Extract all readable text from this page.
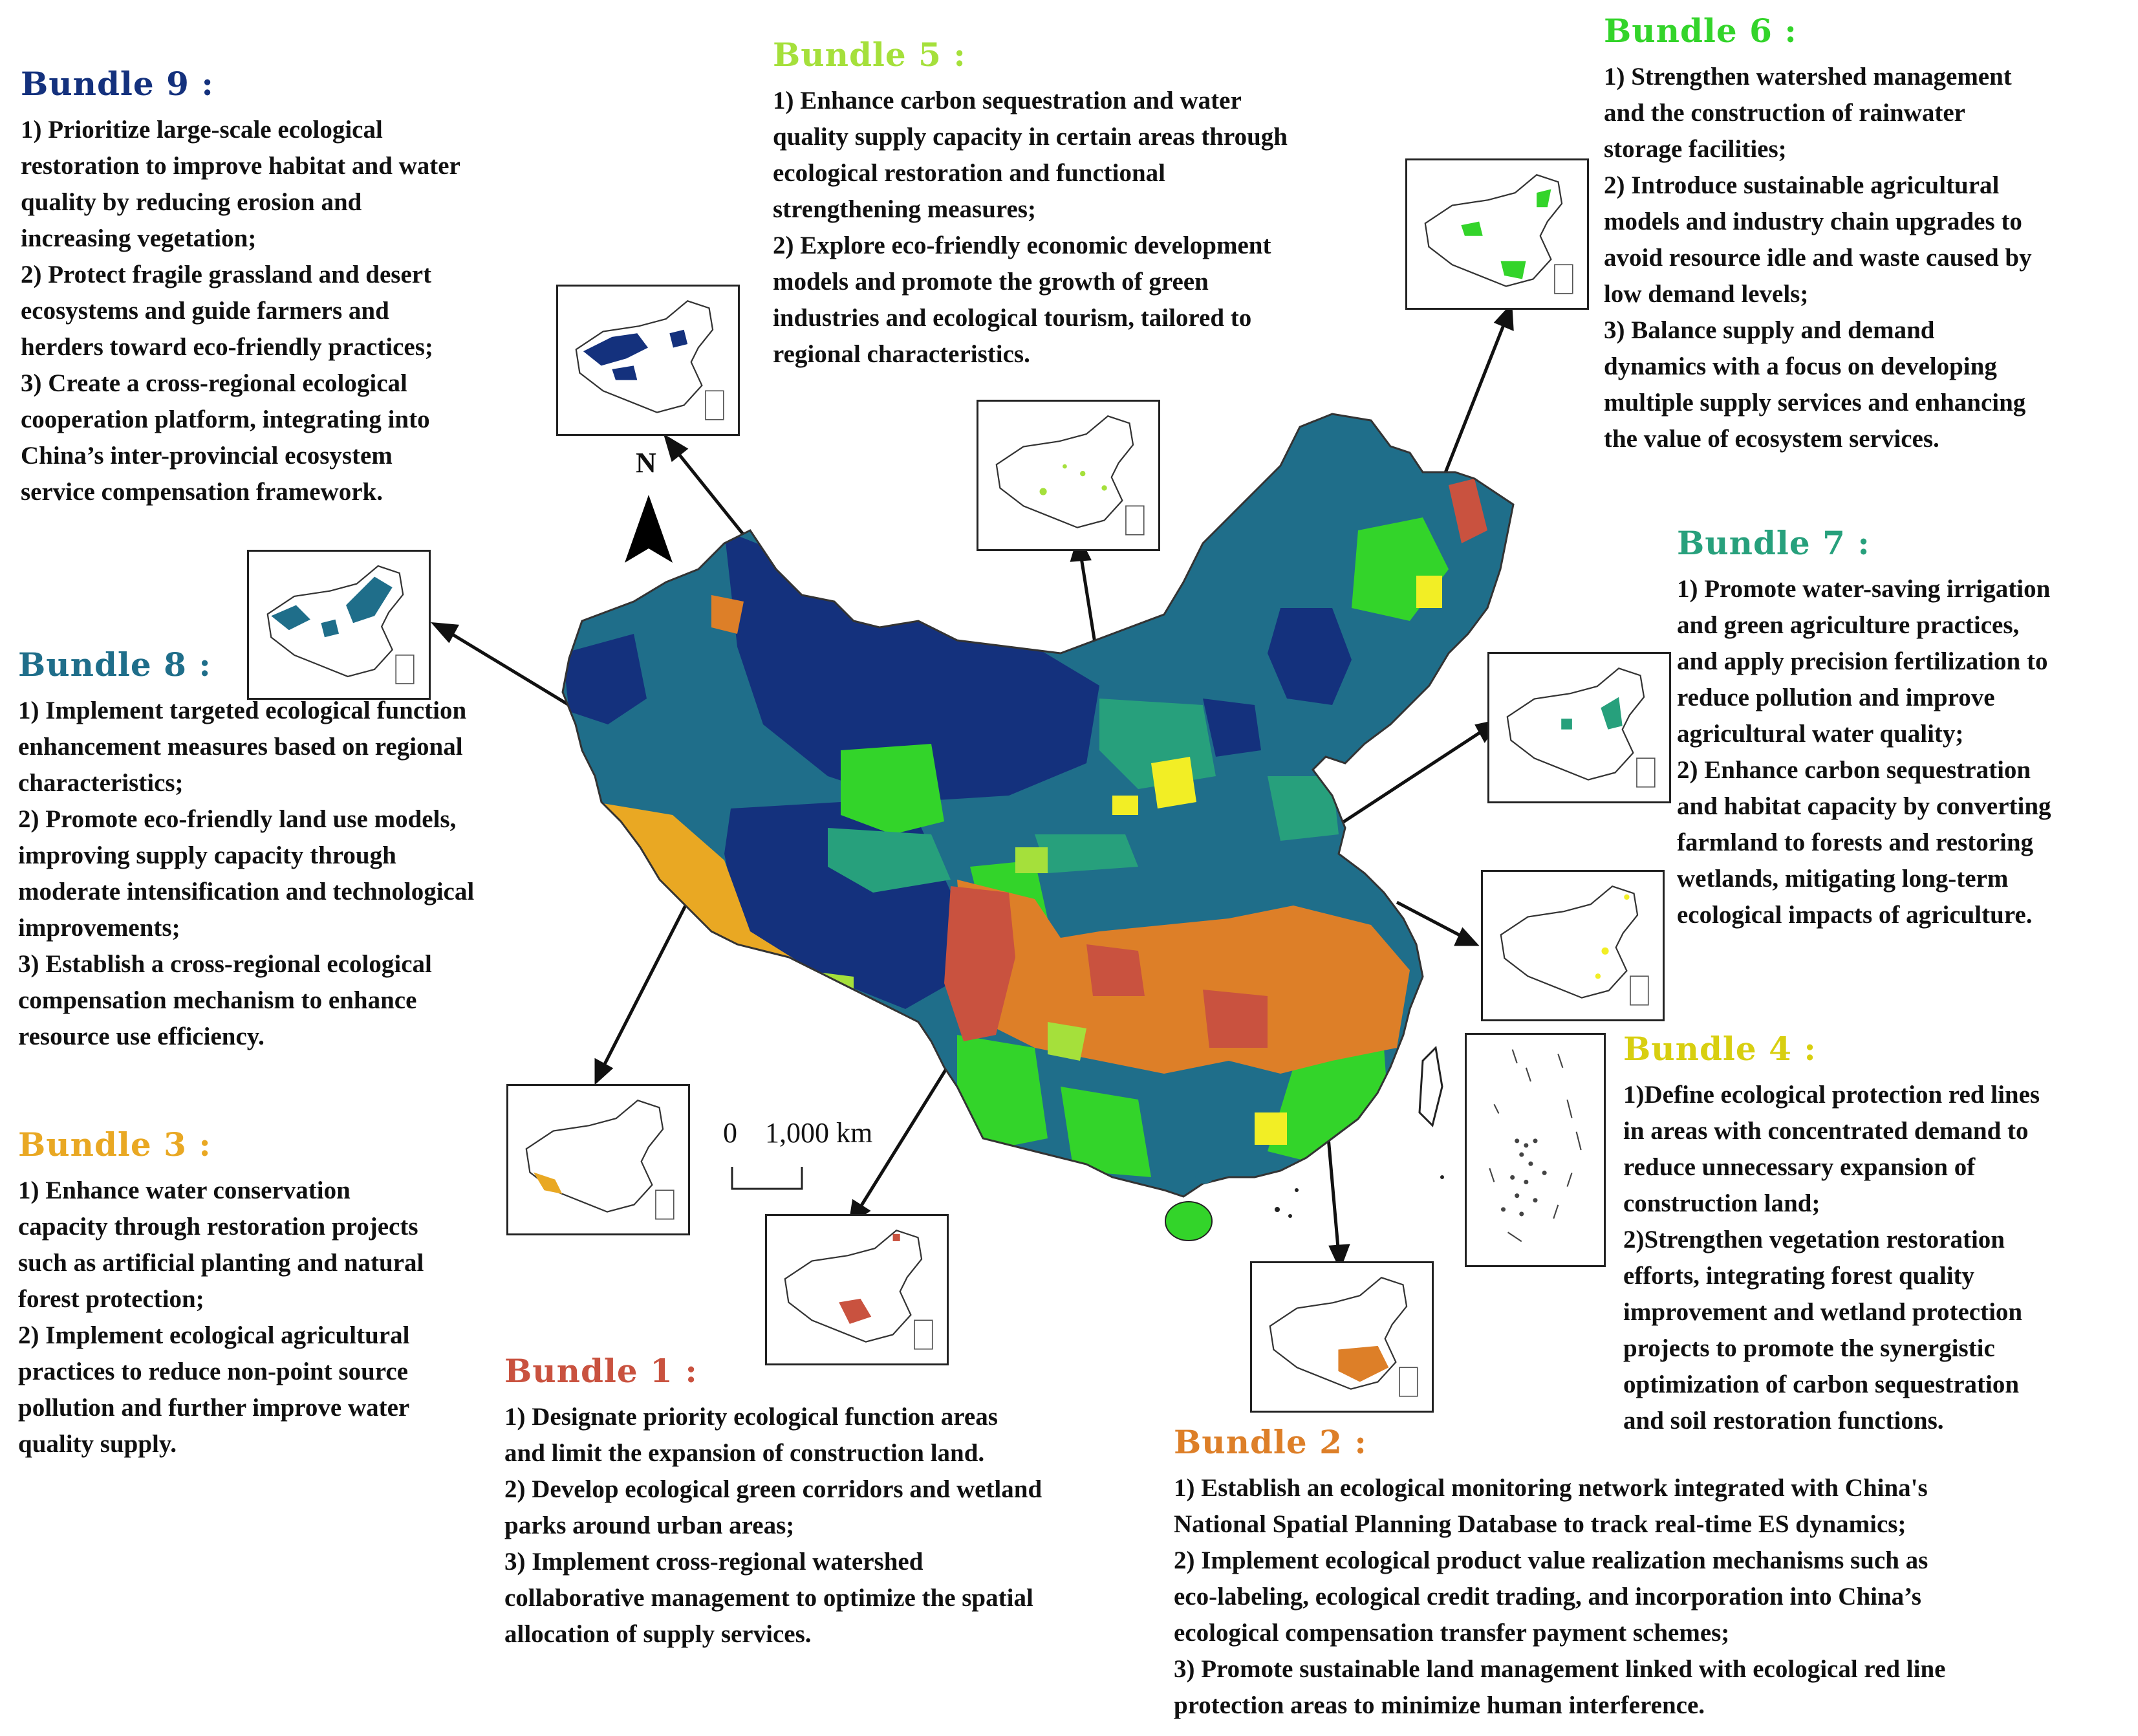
N
0 1,000 km
Bundle 9 :

1) Prioritize large-scale ecological
restoration to improve habitat and water
quality by reducing erosion and
increasing vegetation;
2) Protect fragile grassland and desert
ecosystems and guide farmers and
herders toward eco-friendly practices;
3) Create a cross-regional ecological
cooperation platform, integrating into
China’s inter-provincial ecosystem
service compensation framework.

Bundle 8 :

1) Implement targeted ecological function
enhancement measures based on regional
characteristics;
2) Promote eco-friendly land use models,
improving supply capacity through
moderate intensification and technological
improvements;
3) Establish a cross-regional ecological
compensation mechanism to enhance
resource use efficiency.

Bundle 3 :

1) Enhance water conservation
capacity through restoration projects
such as artificial planting and natural
forest protection;
2) Implement ecological agricultural
practices to reduce non-point source
pollution and further improve water
quality supply.

Bundle 1 :

1) Designate priority ecological function areas
and limit the expansion of construction land.
2) Develop ecological green corridors and wetland
parks around urban areas;
3) Implement cross-regional watershed
collaborative management to optimize the spatial
allocation of supply services.

Bundle 2 :

1) Establish an ecological monitoring network integrated with China's
National Spatial Planning Database to track real-time ES dynamics;
2) Implement ecological product value realization mechanisms such as
eco-labeling, ecological credit trading, and incorporation into China’s
ecological compensation transfer payment schemes;
3) Promote sustainable land management linked with ecological red line
protection areas to minimize human interference.

Bundle 5 :

1) Enhance carbon sequestration and water
quality supply capacity in certain areas through
ecological restoration and functional
strengthening measures;
2) Explore eco-friendly economic development
models and promote the growth of green
industries and ecological tourism, tailored to
regional characteristics.

Bundle 6 :

1) Strengthen watershed management
and the construction of rainwater
storage facilities;
2) Introduce sustainable agricultural
models and industry chain upgrades to
avoid resource idle and waste caused by
low demand levels;
3) Balance supply and demand
dynamics with a focus on developing
multiple supply services and enhancing
the value of ecosystem services.

Bundle 7 :

1) Promote water-saving irrigation
and green agriculture practices,
and apply precision fertilization to
reduce pollution and improve
agricultural water quality;
2) Enhance carbon sequestration
and habitat capacity by converting
farmland to forests and restoring
wetlands, mitigating long-term
ecological impacts of agriculture.

Bundle 4 :

1)Define ecological protection red lines
in areas with concentrated demand to
reduce unnecessary expansion of
construction land;
2)Strengthen vegetation restoration
efforts, integrating forest quality
improvement and wetland protection
projects to promote the synergistic
optimization of carbon sequestration
and soil restoration functions.
